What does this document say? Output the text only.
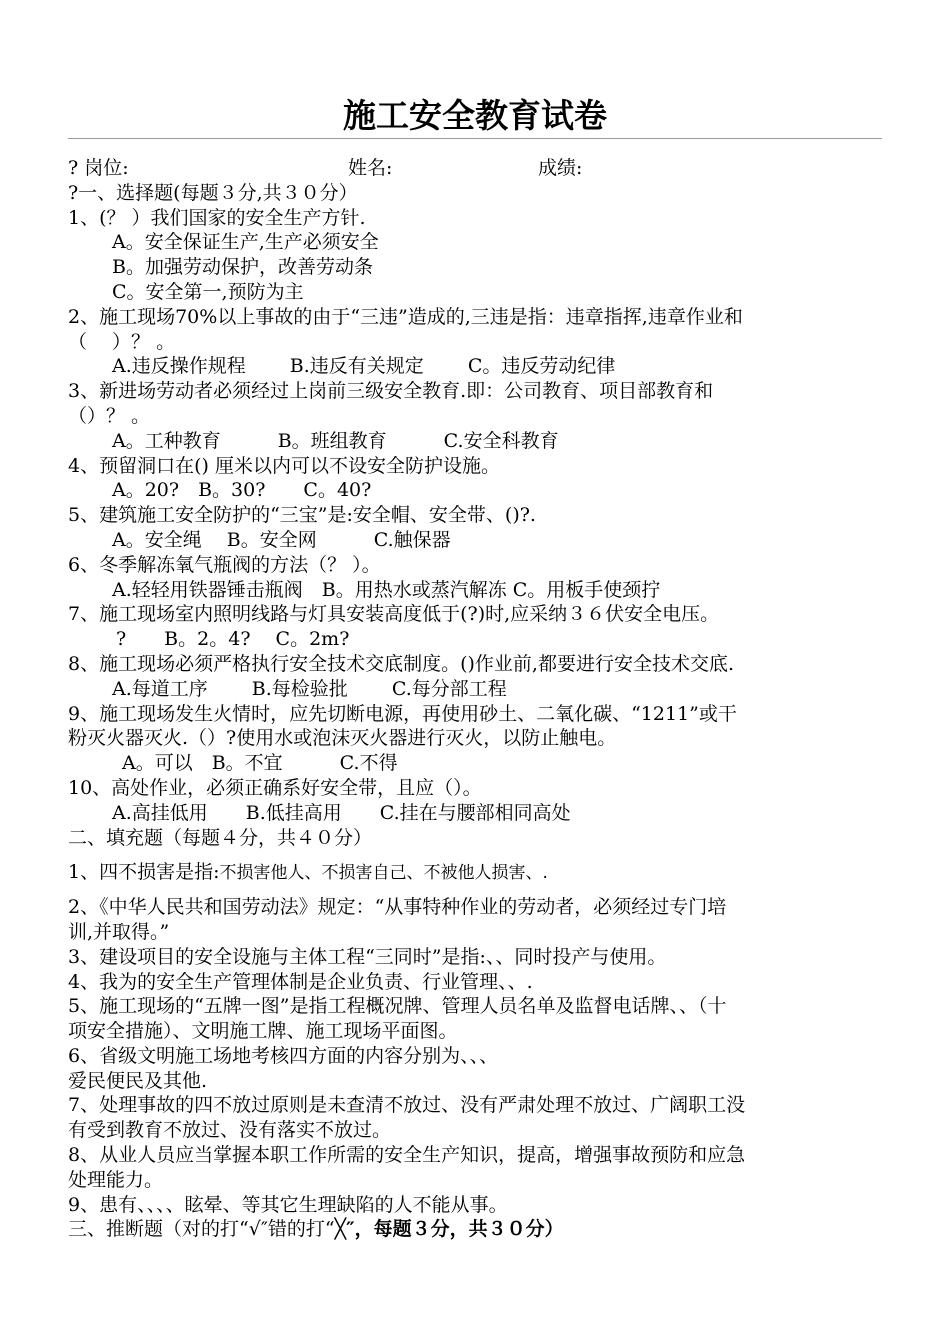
施工安全教育试卷
? 岗位:	姓名:	成绩:
?一、选择题(每题３分,共３０分）
1、(？ ）我们国家的安全生产方针.
A。安全保证生产,生产必须安全
B。加强劳动保护，改善劳动条
C。安全第一,预防为主
2、施工现场70%以上事故的由于“三违”造成的,三违是指：违章指挥,违章作业和
（　 ）？ 。
A.违反操作规程　　 B.违反有关规定　　 C。违反劳动纪律
3、新进场劳动者必须经过上岗前三级安全教育.即：公司教育、项目部教育和
（）？ 。
A。工种教育　　　B。班组教育　　　C.安全科教育
4、预留洞口在() 厘米以内可以不设安全防护设施。
A。20?　B。30?　　C。40?
5、建筑施工安全防护的“三宝”是:安全帽、安全带、()?.
A。安全绳　 B。安全网　　　C.触保器
6、冬季解冻氧气瓶阀的方法（？ ）。
A.轻轻用铁器锤击瓶阀　B。用热水或蒸汽解冻 C。用板手使颈拧
7、施工现场室内照明线路与灯具安装高度低于(?)时,应采纳３６伏安全电压。
?　　B。2。4?　 C。2m?
8、施工现场必须严格执行安全技术交底制度。()作业前,都要进行安全技术交底.
A.每道工序　　 B.每检验批　　 C.每分部工程
9、施工现场发生火情时，应先切断电源，再使用砂土、二氧化碳、“1211”或干
粉灭火器灭火.（）?使用水或泡沫灭火器进行灭火，以防止触电。
A。可以　B。不宜　　　C.不得
10、高处作业，必须正确系好安全带，且应（）。
A.高挂低用　　B.低挂高用　　C.挂在与腰部相同高处
二、填充题（每题４分，共４０分）
1、四不损害是指:不损害他人、不损害自己、不被他人损害、.
2、《中华人民共和国劳动法》规定：“从事特种作业的劳动者，必须经过专门培
训,并取得。”
3、建设项目的安全设施与主体工程“三同时”是指:、、同时投产与使用。
4、我为的安全生产管理体制是企业负责、行业管理、、.
5、施工现场的“五牌一图”是指工程概况牌、管理人员名单及监督电话牌、、（十
项安全措施）、文明施工牌、施工现场平面图。
6、省级文明施工场地考核四方面的内容分别为、、、
爱民便民及其他.
7、处理事故的四不放过原则是未查清不放过、没有严肃处理不放过、广阔职工没
有受到教育不放过、没有落实不放过。
8、从业人员应当掌握本职工作所需的安全生产知识，提高，增强事故预防和应急
处理能力。
9、患有、、、、眩晕、等其它生理缺陷的人不能从事。
三、推断题（对的打“√″错的打“╳″，每题３分，共３０分）
